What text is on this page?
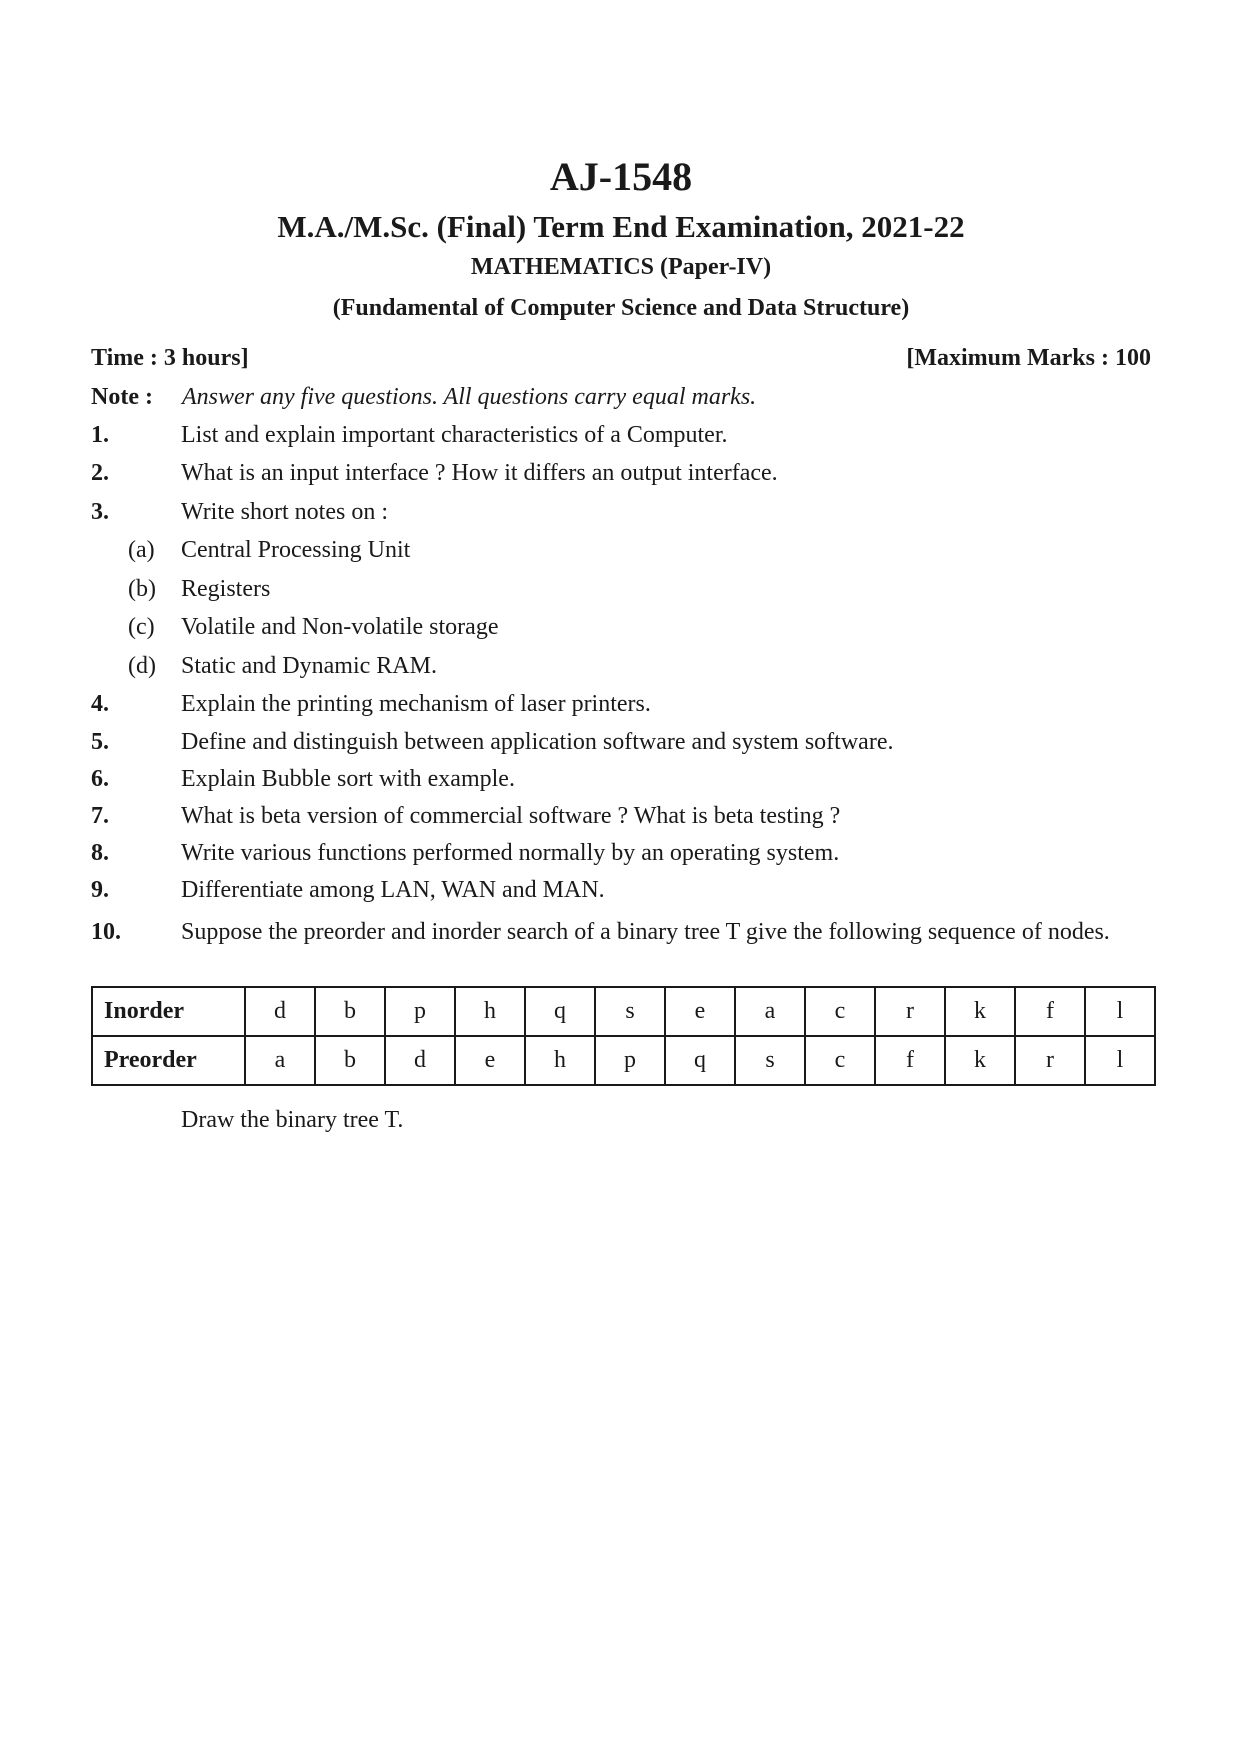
AJ-1548
M.A./M.Sc. (Final) Term End Examination, 2021-22
MATHEMATICS (Paper-IV)
(Fundamental of Computer Science and Data Structure)
Time : 3 hours]	[Maximum Marks : 100
Note : Answer any five questions. All questions carry equal marks.
1.	List and explain important characteristics of a Computer.
2.	What is an input interface ? How it differs an output interface.
3.	Write short notes on :
(a) Central Processing Unit
(b) Registers
(c) Volatile and Non-volatile storage
(d) Static and Dynamic RAM.
4.	Explain the printing mechanism of laser printers.
5.	Define and distinguish between application software and system software.
6.	Explain Bubble sort with example.
7.	What is beta version of commercial software ? What is beta testing ?
8.	Write various functions performed normally by an operating system.
9.	Differentiate among LAN, WAN and MAN.
10.	Suppose the preorder and inorder search of a binary tree T give the following sequence of nodes.
Inorder	d	b	p	h	q	s	e	a	c	r	k	f	l
Preorder	a	b	d	e	h	p	q	s	c	f	k	r	l
Draw the binary tree T.
